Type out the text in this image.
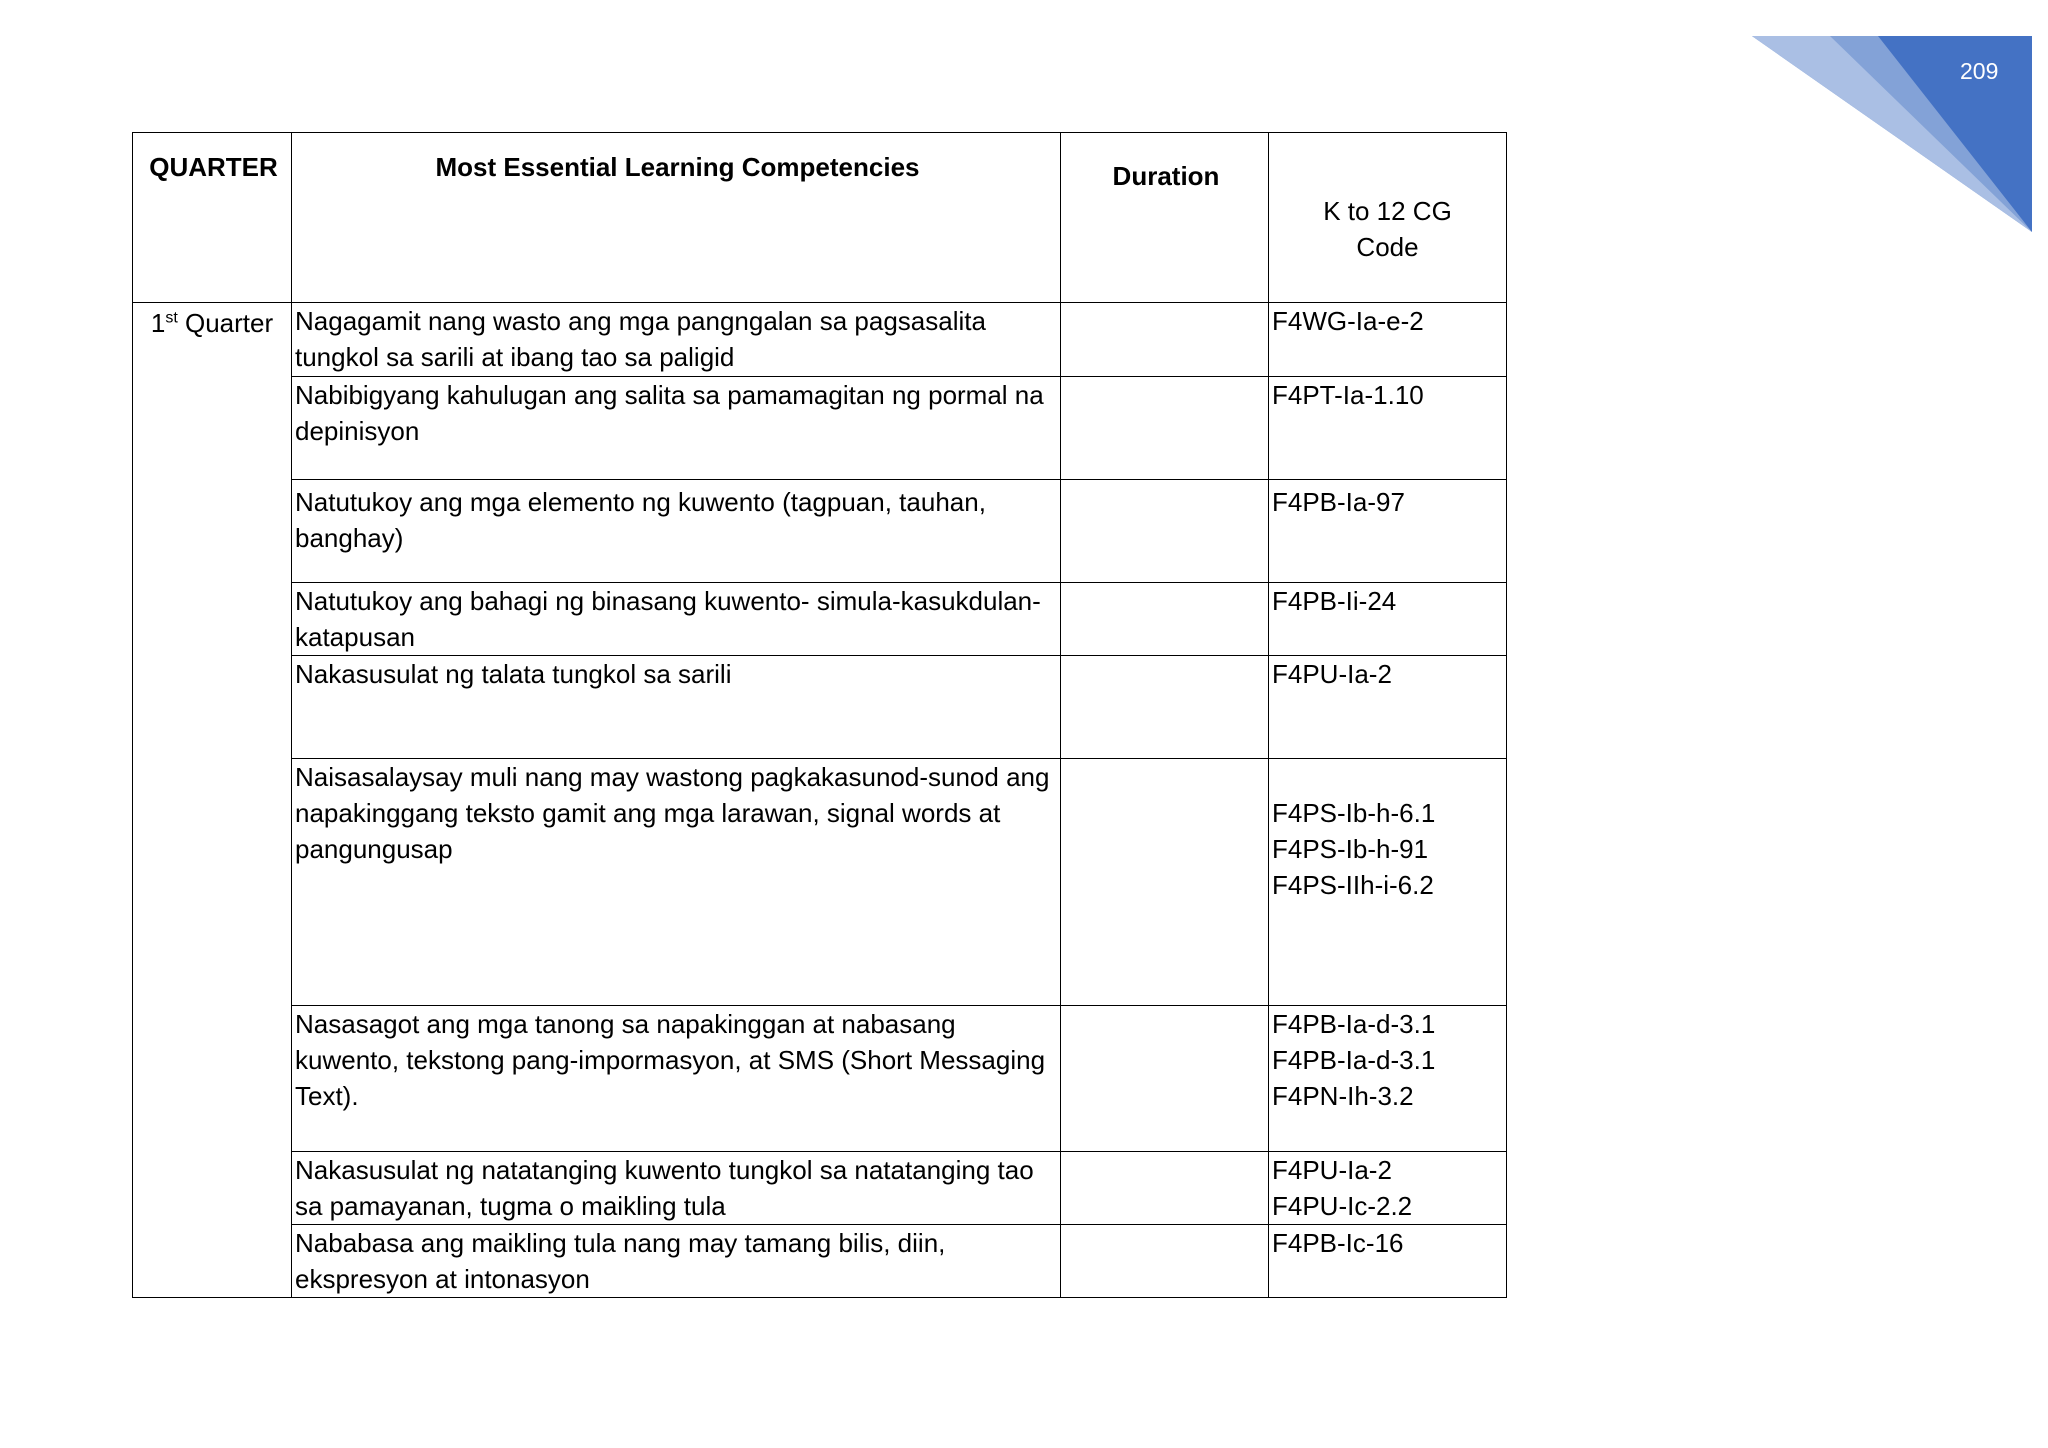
209
QUARTER	Most Essential Learning Competencies	Duration	K to 12 CG
Code

1st Quarter	Nagagamit nang wasto ang mga pangngalan sa pagsasalita tungkol sa sarili at ibang tao sa paligid		F4WG-Ia-e-2

	Nabibigyang kahulugan ang salita sa pamamagitan ng pormal na depinisyon		F4PT-Ia-1.10

	Natutukoy ang mga elemento ng kuwento (tagpuan, tauhan, banghay)		F4PB-Ia-97

	Natutukoy ang bahagi ng binasang kuwento- simula-kasukdulan-katapusan		F4PB-Ii-24

	Nakasusulat ng talata tungkol sa sarili		F4PU-Ia-2

	Naisasalaysay muli nang may wastong pagkakasunod-sunod ang napakinggang teksto gamit ang mga larawan, signal words at pangungusap		F4PS-Ib-h-6.1
F4PS-Ib-h-91
F4PS-IIh-i-6.2

	Nasasagot ang mga tanong sa napakinggan at nabasang kuwento, tekstong pang-impormasyon, at SMS (Short Messaging Text).		F4PB-Ia-d-3.1
F4PB-Ia-d-3.1
F4PN-Ih-3.2

	Nakasusulat ng natatanging kuwento tungkol sa natatanging tao sa pamayanan, tugma o maikling tula		F4PU-Ia-2
F4PU-Ic-2.2

	Nababasa ang maikling tula nang may tamang bilis, diin, ekspresyon at intonasyon		F4PB-Ic-16
